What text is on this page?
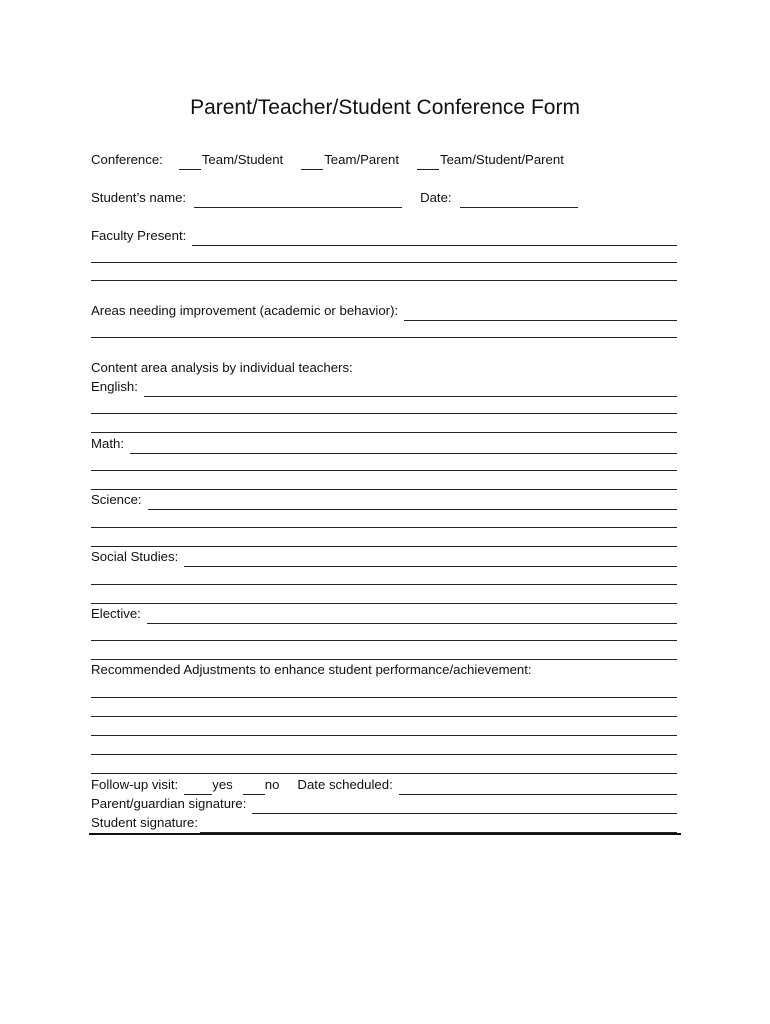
Parent/Teacher/Student Conference Form
Conference:	Team/Student	Team/Parent	Team/Student/Parent
Student’s name:	Date:
Faculty Present:
Areas needing improvement (academic or behavior):
Content area analysis by individual teachers:
English:
Math:
Science:
Social Studies:
Elective:
Recommended Adjustments to enhance student performance/achievement:
Follow-up visit:	yes no Date scheduled:
Parent/guardian signature:
Student signature:
